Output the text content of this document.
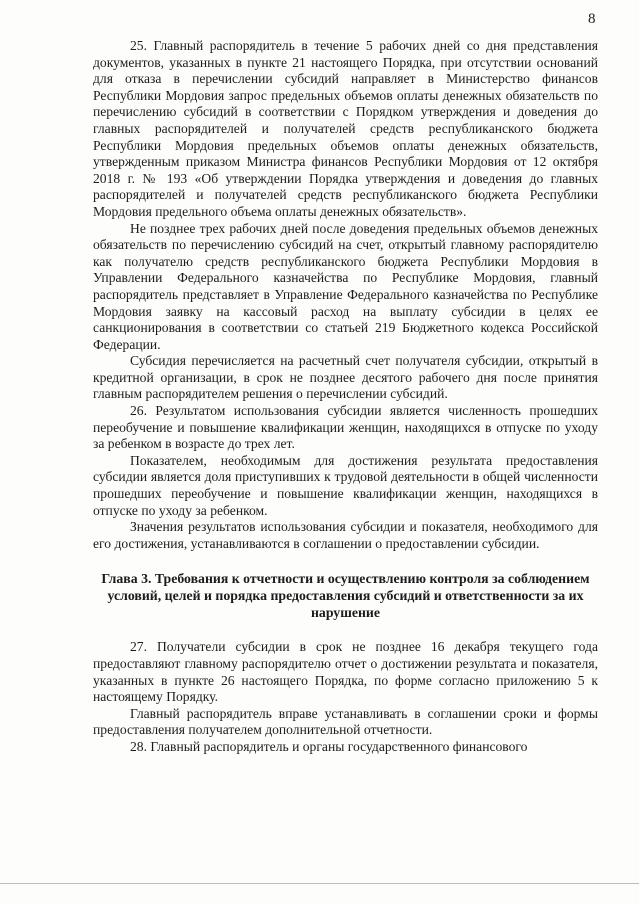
8

25. Главный распорядитель в течение 5 рабочих дней со дня представления документов, указанных в пункте 21 настоящего Порядка, при отсутствии оснований для отказа в перечислении субсидий направляет в Министерство финансов Республики Мордовия запрос предельных объемов оплаты денежных обязательств по перечислению субсидий в соответствии с Порядком утверждения и доведения до главных распорядителей и получателей средств республиканского бюджета Республики Мордовия предельных объемов оплаты денежных обязательств, утвержденным приказом Министра финансов Республики Мордовия от 12 октября 2018 г. № 193 «Об утверждении Порядка утверждения и доведения до главных распорядителей и получателей средств республиканского бюджета Республики Мордовия предельного объема оплаты денежных обязательств».

Не позднее трех рабочих дней после доведения предельных объемов денежных обязательств по перечислению субсидий на счет, открытый главному распорядителю как получателю средств республиканского бюджета Республики Мордовия в Управлении Федерального казначейства по Республике Мордовия, главный распорядитель представляет в Управление Федерального казначейства по Республике Мордовия заявку на кассовый расход на выплату субсидии в целях ее санкционирования в соответствии со статьей 219 Бюджетного кодекса Российской Федерации.

Субсидия перечисляется на расчетный счет получателя субсидии, открытый в кредитной организации, в срок не позднее десятого рабочего дня после принятия главным распорядителем решения о перечислении субсидий.

26. Результатом использования субсидии является численность прошедших переобучение и повышение квалификации женщин, находящихся в отпуске по уходу за ребенком в возрасте до трех лет.

Показателем, необходимым для достижения результата предоставления субсидии является доля приступивших к трудовой деятельности в общей численности прошедших переобучение и повышение квалификации женщин, находящихся в отпуске по уходу за ребенком.

Значения результатов использования субсидии и показателя, необходимого для его достижения, устанавливаются в соглашении о предоставлении субсидии.

Глава 3. Требования к отчетности и осуществлению контроля за соблюдением условий, целей и порядка предоставления субсидий и ответственности за их нарушение

27. Получатели субсидии в срок не позднее 16 декабря текущего года предоставляют главному распорядителю отчет о достижении результата и показателя, указанных в пункте 26 настоящего Порядка, по форме согласно приложению 5 к настоящему Порядку.

Главный распорядитель вправе устанавливать в соглашении сроки и формы предоставления получателем дополнительной отчетности.

28. Главный распорядитель и органы государственного финансового
